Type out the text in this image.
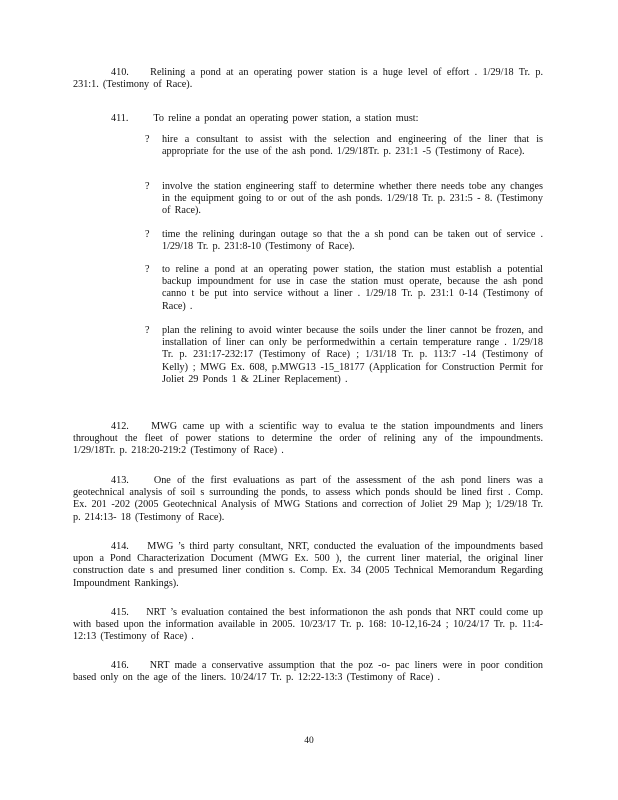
410. Relining a pond at an operating power station is a huge level of effort . 1/29/18 Tr. p. 231:1. (Testimony of Race).

411. To reline a pondat an operating power station, a station must:

?	hire a consultant to assist with the selection and engineering of the liner that is appropriate for the use of the ash pond. 1/29/18Tr. p. 231:1 -5 (Testimony of Race).
?	involve the station engineering staff to determine whether there needs tobe any changes in the equipment going to or out of the ash ponds. 1/29/18 Tr. p. 231:5 - 8. (Testimony of Race).
?	time the relining duringan outage so that the a sh pond can be taken out of service . 1/29/18 Tr. p. 231:8-10 (Testimony of Race).
?	to reline a pond at an operating power station, the station must establish a potential backup impoundment for use in case the station must operate, because the ash pond canno t be put into service without a liner . 1/29/18 Tr. p. 231:1 0-14 (Testimony of Race) .
?	plan the relining to avoid winter because the soils under the liner cannot be frozen, and installation of liner can only be performedwithin a certain temperature range . 1/29/18 Tr. p. 231:17-232:17 (Testimony of Race) ; 1/31/18 Tr. p. 113:7 -14 (Testimony of Kelly) ; MWG Ex. 608, p.MWG13 -15_18177 (Application for Construction Permit for Joliet 29 Ponds 1 & 2Liner Replacement) .

412. MWG came up with a scientific way to evalua te the station impoundments and liners throughout the fleet of power stations to determine the order of relining any of the impoundments. 1/29/18Tr. p. 218:20-219:2 (Testimony of Race) .

413. One of the first evaluations as part of the assessment of the ash pond liners was a geotechnical analysis of soil s surrounding the ponds, to assess which ponds should be lined first . Comp. Ex. 201 -202 (2005 Geotechnical Analysis of MWG Stations and correction of Joliet 29 Map ); 1/29/18 Tr. p. 214:13- 18 (Testimony of Race).

414. MWG ’s third party consultant, NRT, conducted the evaluation of the impoundments based upon a Pond Characterization Document (MWG Ex. 500 ), the current liner material, the original liner construction date s and presumed liner condition s. Comp. Ex. 34 (2005 Technical Memorandum Regarding Impoundment Rankings).

415. NRT ’s evaluation contained the best informationon the ash ponds that NRT could come up with based upon the information available in 2005. 10/23/17 Tr. p. 168: 10-12,16-24 ; 10/24/17 Tr. p. 11:4-12:13 (Testimony of Race) .

416. NRT made a conservative assumption that the poz -o- pac liners were in poor condition based only on the age of the liners. 10/24/17 Tr. p. 12:22-13:3 (Testimony of Race) .

40
